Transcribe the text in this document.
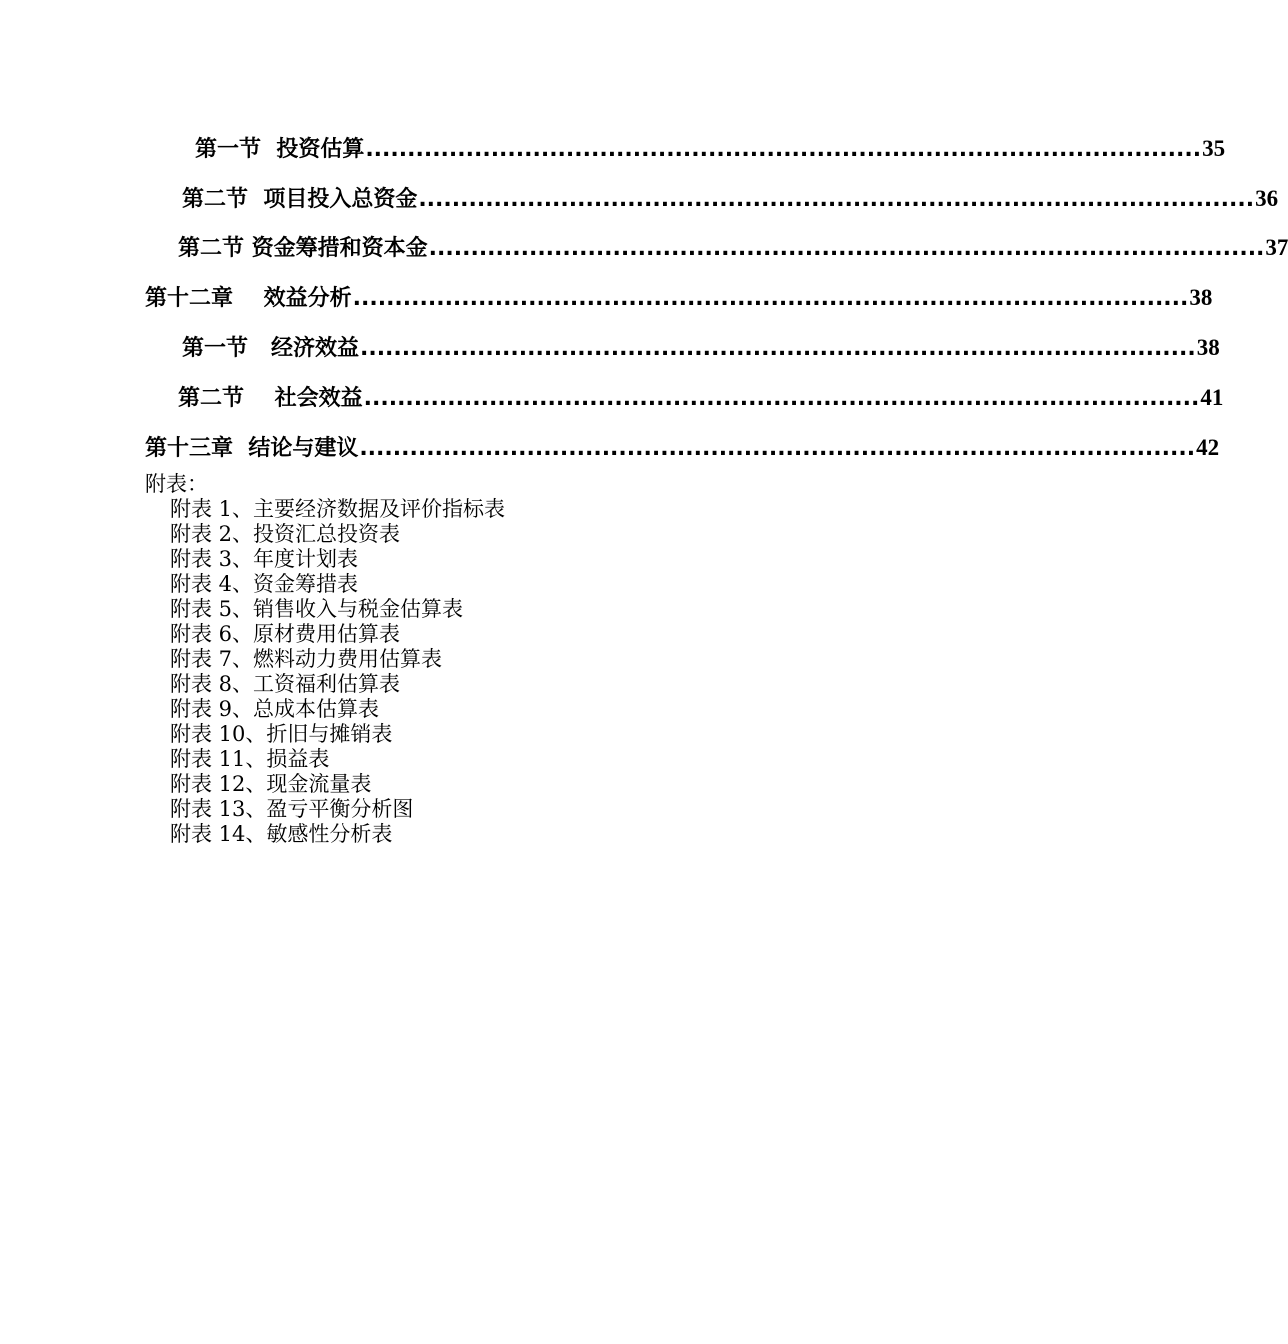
第一节  投资估算 .................................................................................................... 35
第二节  项目投入总资金 .................................................................................................... 36
第二节 资金筹措和资本金 .................................................................................................... 37
第十二章    效益分析 .................................................................................................... 38
第一节   经济效益 .................................................................................................... 38
第二节    社会效益 .................................................................................................... 41
第十三章  结论与建议 .................................................................................................... 42
附表：
附表 1、主要经济数据及评价指标表
附表 2、投资汇总投资表
附表 3、年度计划表
附表 4、资金筹措表
附表 5、销售收入与税金估算表
附表 6、原材费用估算表
附表 7、燃料动力费用估算表
附表 8、工资福利估算表
附表 9、总成本估算表
附表 10、折旧与摊销表
附表 11、损益表
附表 12、现金流量表
附表 13、盈亏平衡分析图
附表 14、敏感性分析表
